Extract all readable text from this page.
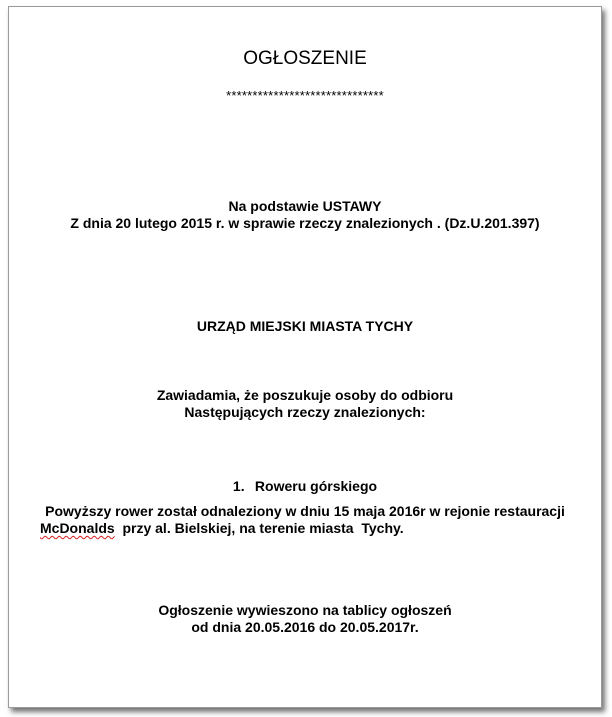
OGŁOSZENIE
******************************
Na podstawie USTAWY
Z dnia 20 lutego 2015 r. w sprawie rzeczy znalezionych . (Dz.U.201.397)
URZĄD MIEJSKI MIASTA TYCHY
Zawiadamia, że poszukuje osoby do odbioru
Następujących rzeczy znalezionych:
1. Roweru górskiego
Powyższy rower został odnaleziony w dniu 15 maja 2016r w rejonie restauracji
McDonalds  przy al. Bielskiej, na terenie miasta  Tychy.
Ogłoszenie wywieszono na tablicy ogłoszeń
od dnia 20.05.2016 do 20.05.2017r.
